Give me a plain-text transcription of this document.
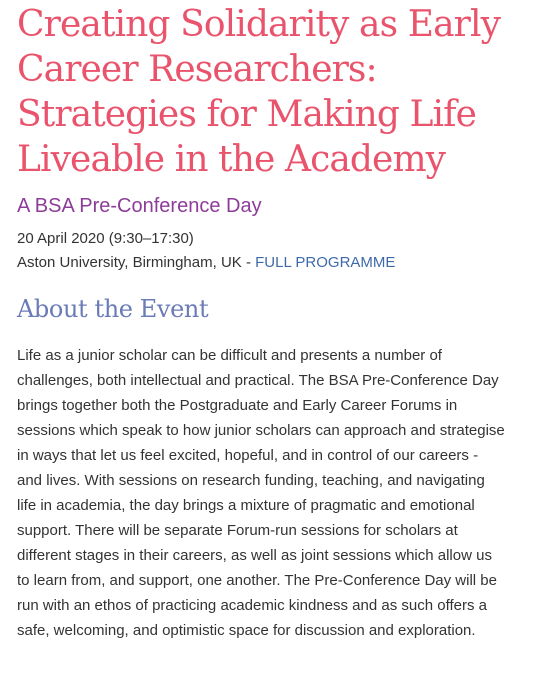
Creating Solidarity as Early
Career Researchers:
Strategies for Making Life
Liveable in the Academy
A BSA Pre-Conference Day
20 April 2020 (9:30–17:30)
Aston University, Birmingham, UK - FULL PROGRAMME
About the Event

Life as a junior scholar can be difficult and presents a number of
challenges, both intellectual and practical. The BSA Pre-Conference Day
brings together both the Postgraduate and Early Career Forums in
sessions which speak to how junior scholars can approach and strategise
in ways that let us feel excited, hopeful, and in control of our careers -
and lives. With sessions on research funding, teaching, and navigating
life in academia, the day brings a mixture of pragmatic and emotional
support. There will be separate Forum-run sessions for scholars at
different stages in their careers, as well as joint sessions which allow us
to learn from, and support, one another. The Pre-Conference Day will be
run with an ethos of practicing academic kindness and as such offers a
safe, welcoming, and optimistic space for discussion and exploration.
